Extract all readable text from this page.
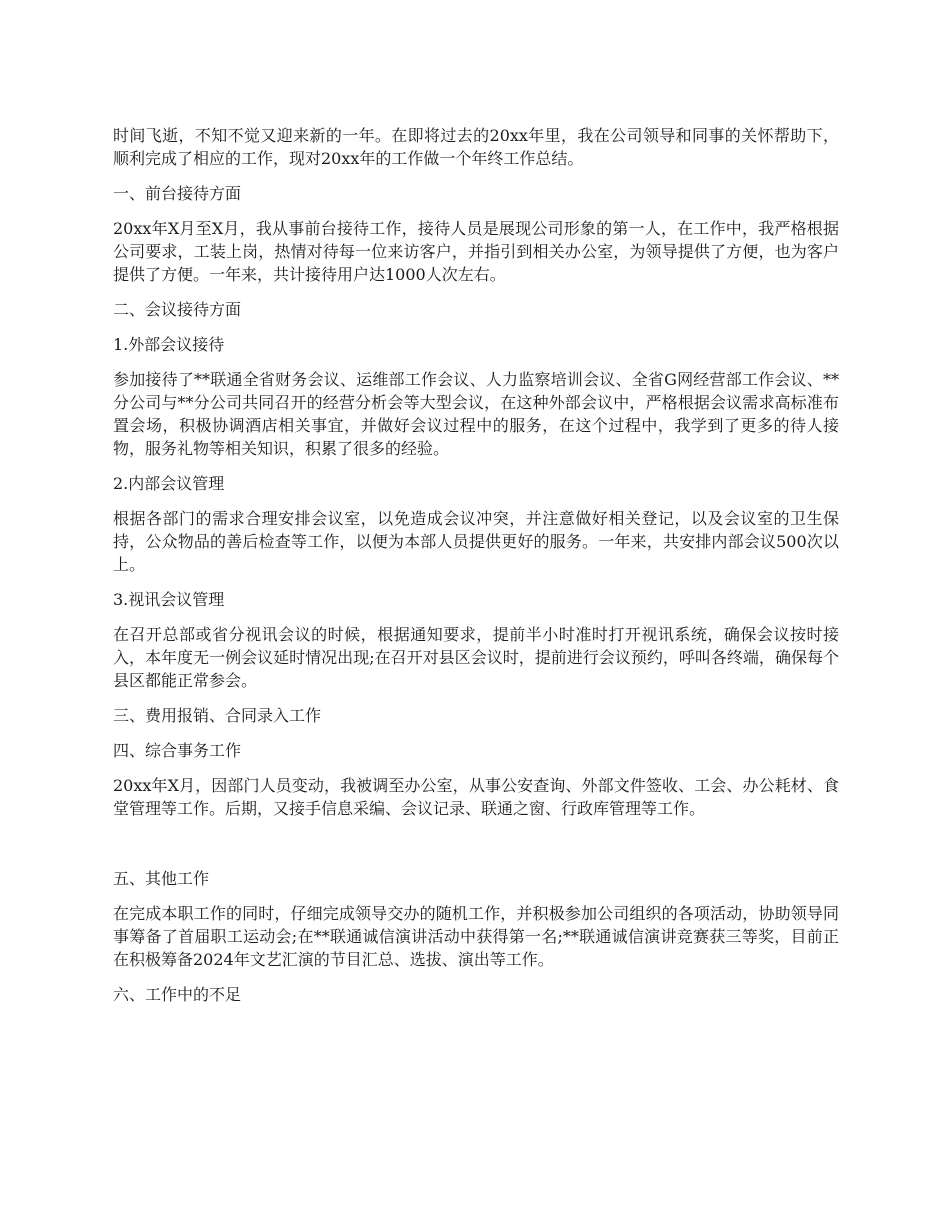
时间飞逝，不知不觉又迎来新的一年。在即将过去的20xx年里，我在公司领导和同事的关怀帮助下，顺利完成了相应的工作，现对20xx年的工作做一个年终工作总结。

一、前台接待方面

20xx年X月至X月，我从事前台接待工作，接待人员是展现公司形象的第一人，在工作中，我严格根据公司要求，工装上岗，热情对待每一位来访客户，并指引到相关办公室，为领导提供了方便，也为客户提供了方便。一年来，共计接待用户达1000人次左右。

二、会议接待方面

1.外部会议接待

参加接待了**联通全省财务会议、运维部工作会议、人力监察培训会议、全省G网经营部工作会议、**分公司与**分公司共同召开的经营分析会等大型会议，在这种外部会议中，严格根据会议需求高标准布置会场，积极协调酒店相关事宜，并做好会议过程中的服务，在这个过程中，我学到了更多的待人接物，服务礼物等相关知识，积累了很多的经验。

2.内部会议管理

根据各部门的需求合理安排会议室，以免造成会议冲突，并注意做好相关登记，以及会议室的卫生保持，公众物品的善后检查等工作，以便为本部人员提供更好的服务。一年来，共安排内部会议500次以上。

3.视讯会议管理

在召开总部或省分视讯会议的时候，根据通知要求，提前半小时准时打开视讯系统，确保会议按时接入，本年度无一例会议延时情况出现;在召开对县区会议时，提前进行会议预约，呼叫各终端，确保每个县区都能正常参会。

三、费用报销、合同录入工作

四、综合事务工作

20xx年X月，因部门人员变动，我被调至办公室，从事公安查询、外部文件签收、工会、办公耗材、食堂管理等工作。后期，又接手信息采编、会议记录、联通之窗、行政库管理等工作。

五、其他工作

在完成本职工作的同时，仔细完成领导交办的随机工作，并积极参加公司组织的各项活动，协助领导同事筹备了首届职工运动会;在**联通诚信演讲活动中获得第一名;**联通诚信演讲竞赛获三等奖，目前正在积极筹备2024年文艺汇演的节目汇总、选拔、演出等工作。

六、工作中的不足
